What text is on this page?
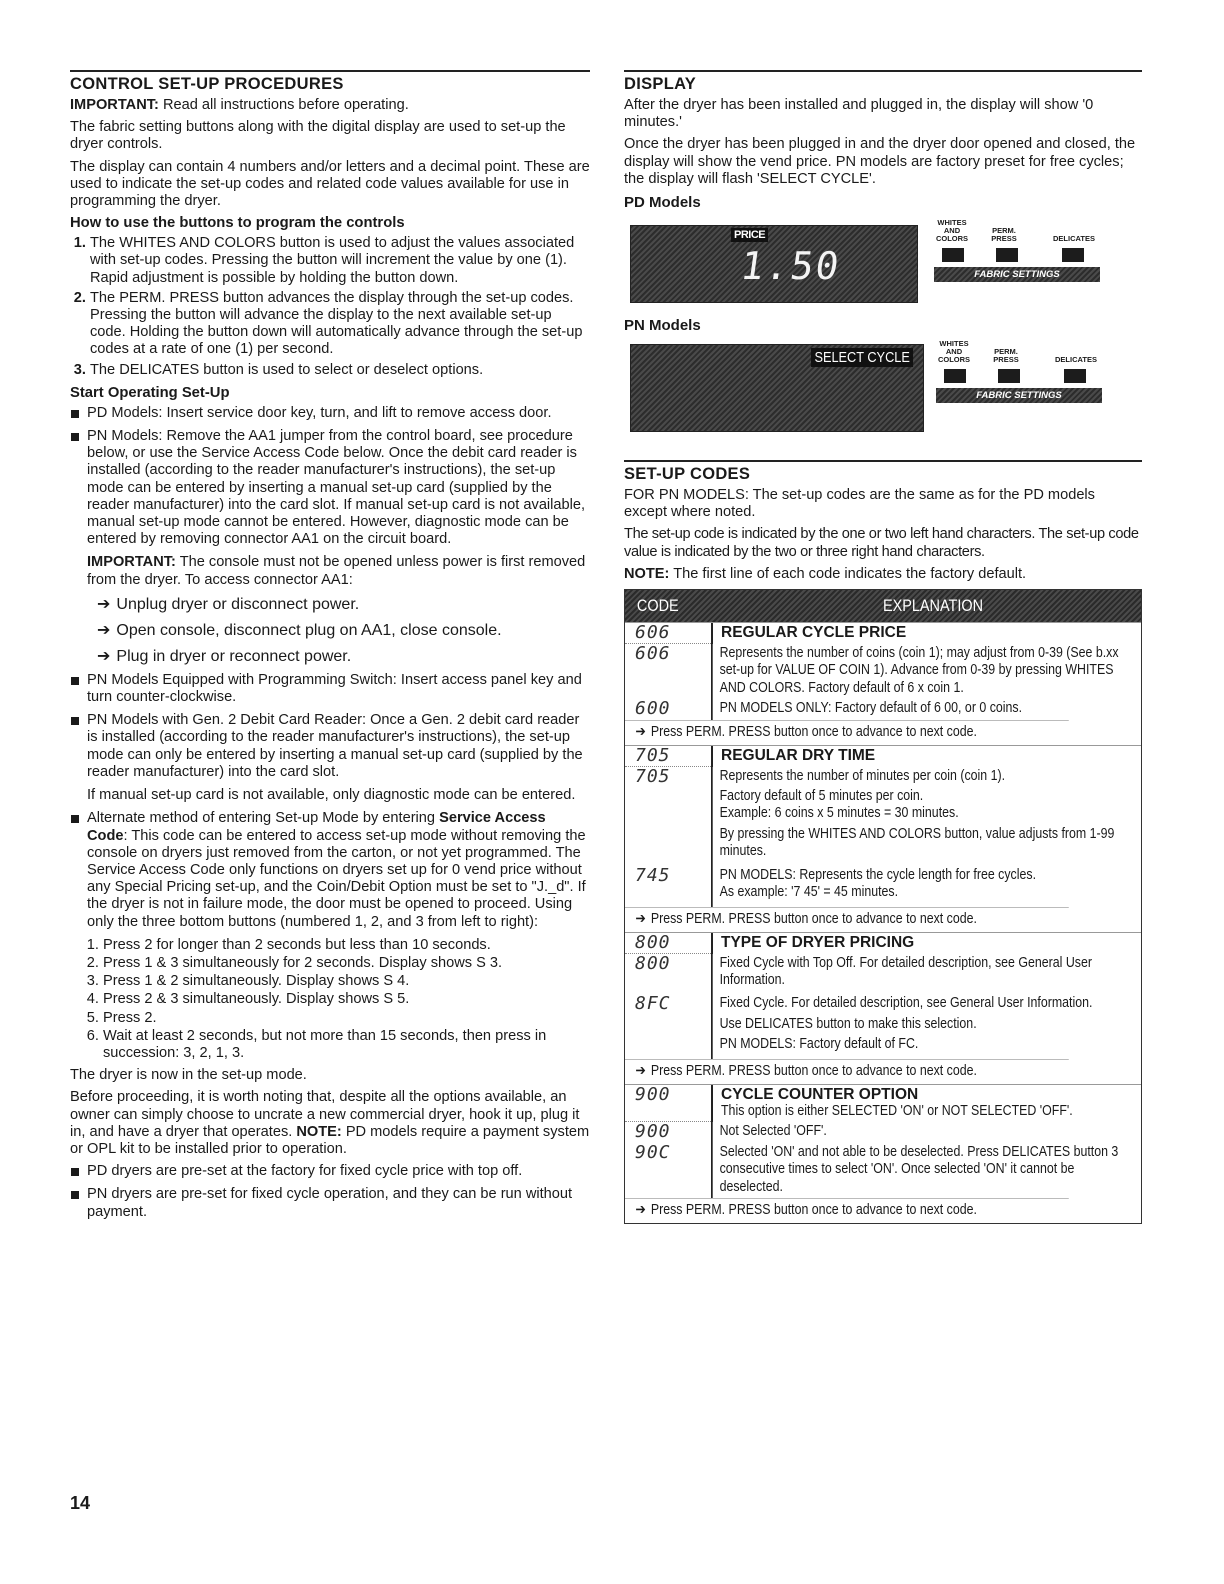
CONTROL SET-UP PROCEDURES

IMPORTANT: Read all instructions before operating.

The fabric setting buttons along with the digital display are used to set-up the dryer controls.

The display can contain 4 numbers and/or letters and a decimal point. These are used to indicate the set-up codes and related code values available for use in programming the dryer.

How to use the buttons to program the controls
1. The WHITES AND COLORS button is used to adjust the values associated with set-up codes. Pressing the button will increment the value by one (1). Rapid adjustment is possible by holding the button down.
2. The PERM. PRESS button advances the display through the set-up codes. Pressing the button will advance the display to the next available set-up code. Holding the button down will automatically advance through the set-up codes at a rate of one (1) per second.
3. The DELICATES button is used to select or deselect options.
Start Operating Set-Up
PD Models: Insert service door key, turn, and lift to remove access door.
PN Models: Remove the AA1 jumper from the control board, see procedure below, or use the Service Access Code below. Once the debit card reader is installed (according to the reader manufacturer's instructions), the set-up mode can be entered by inserting a manual set-up card (supplied by the reader manufacturer) into the card slot. If manual set-up card is not available, manual set-up mode cannot be entered. However, diagnostic mode can be entered by removing connector AA1 on the circuit board.

IMPORTANT: The console must not be opened unless power is first removed from the dryer. To access connector AA1:

➔ Unplug dryer or disconnect power.
➔ Open console, disconnect plug on AA1, close console.
➔ Plug in dryer or reconnect power.
PN Models Equipped with Programming Switch: Insert access panel key and turn counter-clockwise.
PN Models with Gen. 2 Debit Card Reader: Once a Gen. 2 debit card reader is installed (according to the reader manufacturer's instructions), the set-up mode can only be entered by inserting a manual set-up card (supplied by the reader manufacturer) into the card slot.
If manual set-up card is not available, only diagnostic mode can be entered.
Alternate method of entering Set-up Mode by entering Service Access Code: This code can be entered to access set-up mode without removing the console on dryers just removed from the carton, or not yet programmed. The Service Access Code only functions on dryers set up for 0 vend price without any Special Pricing set-up, and the Coin/Debit Option must be set to "J._d". If the dryer is not in failure mode, the door must be opened to proceed. Using only the three bottom buttons (numbered 1, 2, and 3 from left to right):
1. Press 2 for longer than 2 seconds but less than 10 seconds.
2. Press 1 & 3 simultaneously for 2 seconds. Display shows S 3.
3. Press 1 & 2 simultaneously. Display shows S 4.
4. Press 2 & 3 simultaneously. Display shows S 5.
5. Press 2.
6. Wait at least 2 seconds, but not more than 15 seconds, then press in succession: 3, 2, 1, 3.

The dryer is now in the set-up mode.

Before proceeding, it is worth noting that, despite all the options available, an owner can simply choose to uncrate a new commercial dryer, hook it up, plug it in, and have a dryer that operates. NOTE: PD models require a payment system or OPL kit to be installed prior to operation.

PD dryers are pre-set at the factory for fixed cycle price with top off.
PN dryers are pre-set for fixed cycle operation, and they can be run without payment.
14
DISPLAY

After the dryer has been installed and plugged in, the display will show '0 minutes.'

Once the dryer has been plugged in and the dryer door opened and closed, the display will show the vend price. PN models are factory preset for free cycles; the display will flash 'SELECT CYCLE'.

PD Models
PRICE
1.50
WHITES AND COLORS
PERM. PRESS	DELICATES
FABRIC SETTINGS
PN Models
SELECT CYCLE
WHITES AND COLORS
PERM. PRESS	DELICATES
FABRIC SETTINGS
SET-UP CODES

FOR PN MODELS: The set-up codes are the same as for the PD models except where noted.

The set-up code is indicated by the one or two left hand characters. The set-up code value is indicated by the two or three right hand characters.

NOTE: The first line of each code indicates the factory default.

CODE	EXPLANATION
606	REGULAR CYCLE PRICE
606	Represents the number of coins (coin 1); may adjust from 0-39 (See b.xx set-up for VALUE OF COIN 1). Advance from 0-39 by pressing WHITES AND COLORS. Factory default of 6 x coin 1.
600	PN MODELS ONLY: Factory default of 6 00, or 0 coins.
➔ Press PERM. PRESS button once to advance to next code.
705	REGULAR DRY TIME
705	Represents the number of minutes per coin (coin 1).

Factory default of 5 minutes per coin.

Example: 6 coins x 5 minutes = 30 minutes.

By pressing the WHITES AND COLORS button, value adjusts from 1-99 minutes.

745	PN MODELS: Represents the cycle length for free cycles.

As example: '7 45' = 45 minutes.

➔ Press PERM. PRESS button once to advance to next code.
800	TYPE OF DRYER PRICING
800	Fixed Cycle with Top Off. For detailed description, see General User Information.

8FC	Fixed Cycle. For detailed description, see General User Information.

Use DELICATES button to make this selection.

PN MODELS: Factory default of FC.

➔ Press PERM. PRESS button once to advance to next code.
900	CYCLE COUNTER OPTION
This option is either SELECTED 'ON' or NOT SELECTED 'OFF'.
900	Not Selected 'OFF'.
90C	Selected 'ON' and not able to be deselected. Press DELICATES button 3 consecutive times to select 'ON'. Once selected 'ON' it cannot be deselected.
➔ Press PERM. PRESS button once to advance to next code.
